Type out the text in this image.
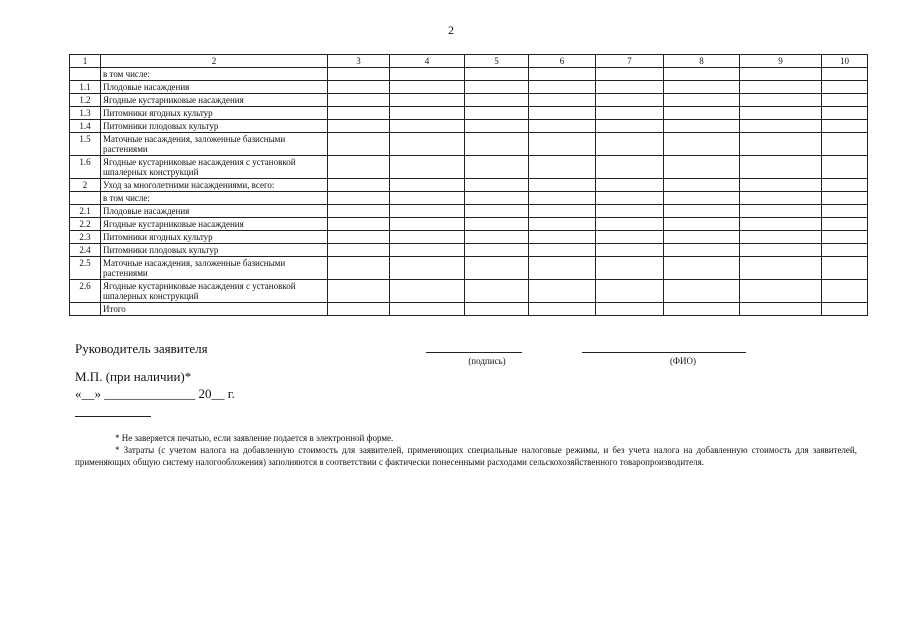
2
1	2	3	4	5	6	7	8	9	10
	в том числе:								
1.1	Плодовые насаждения								
1.2	Ягодные кустарниковые насаждения								
1.3	Питомники ягодных культур								
1.4	Питомники плодовых культур								
1.5	Маточные насаждения, заложенные базисными растениями								
1.6	Ягодные кустарниковые насаждения с установкой шпалерных конструкций								
2	Уход за многолетними насаждениями, всего:								
	в том числе:								
2.1	Плодовые насаждения								
2.2	Ягодные кустарниковые насаждения								
2.3	Питомники ягодных культур								
2.4	Питомники плодовых культур								
2.5	Маточные насаждения, заложенные базисными растениями								
2.6	Ягодные кустарниковые насаждения с установкой шпалерных конструкций								
	Итого								
Руководитель заявителя
(подпись)	(ФИО)
М.П. (при наличии)*
«__» ______________ 20__ г.

* Не заверяется печатью, если заявление подается в электронной форме.

* Затраты (с учетом налога на добавленную стоимость для заявителей, применяющих специальные налоговые режимы, и без учета налога на добавленную стоимость для заявителей, применяющих общую систему налогообложения) заполняются в соответствии с фактически понесенными расходами сельскохозяйственного товаропроизводителя.
